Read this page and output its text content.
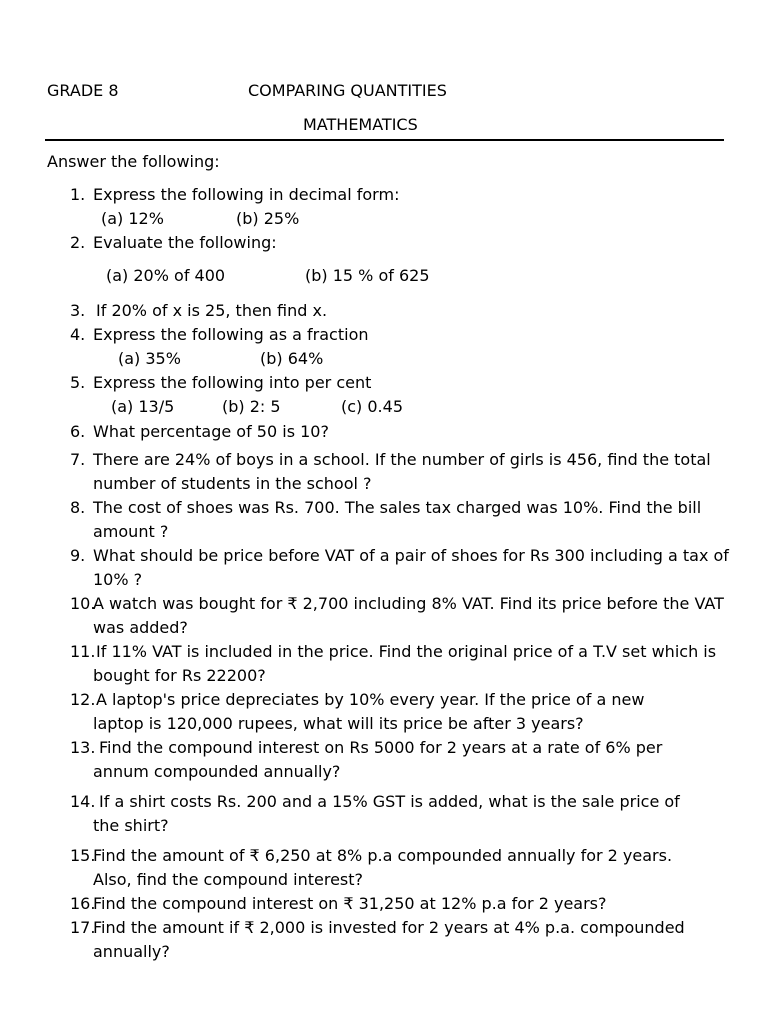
GRADE 8	COMPARING QUANTITIES
MATHEMATICS
Answer the following:
1. Express the following in decimal form:
(a) 12%	(b) 25%
2. Evaluate the following:
(a) 20% of 400	(b) 15 % of 625
3. If 20% of x is 25, then find x.
4. Express the following as a fraction
(a) 35%	(b) 64%
5. Express the following into per cent
(a) 13/5	(b) 2: 5	(c) 0.45
6. What percentage of 50 is 10?
7. There are 24% of boys in a school. If the number of girls is 456, find the total
number of students in the school ?
8. The cost of shoes was Rs. 700. The sales tax charged was 10%. Find the bill
amount ?
9. What should be price before VAT of a pair of shoes for Rs 300 including a tax of
10% ?
10.
A watch was bought for ₹ 2,700 including 8% VAT. Find its price before the VAT
was added?
11. If 11% VAT is included in the price. Find the original price of a T.V set which is
bought for Rs 22200?
12. A laptop's price depreciates by 10% every year. If the price of a new
laptop is 120,000 rupees, what will its price be after 3 years?
13. Find the compound interest on Rs 5000 for 2 years at a rate of 6% per
annum compounded annually?
14. If a shirt costs Rs. 200 and a 15% GST is added, what is the sale price of
the shirt?
15.
Find the amount of ₹ 6,250 at 8% p.a compounded annually for 2 years.
Also, find the compound interest?
16.
Find the compound interest on ₹ 31,250 at 12% p.a for 2 years?
17.
Find the amount if ₹ 2,000 is invested for 2 years at 4% p.a. compounded
annually?
